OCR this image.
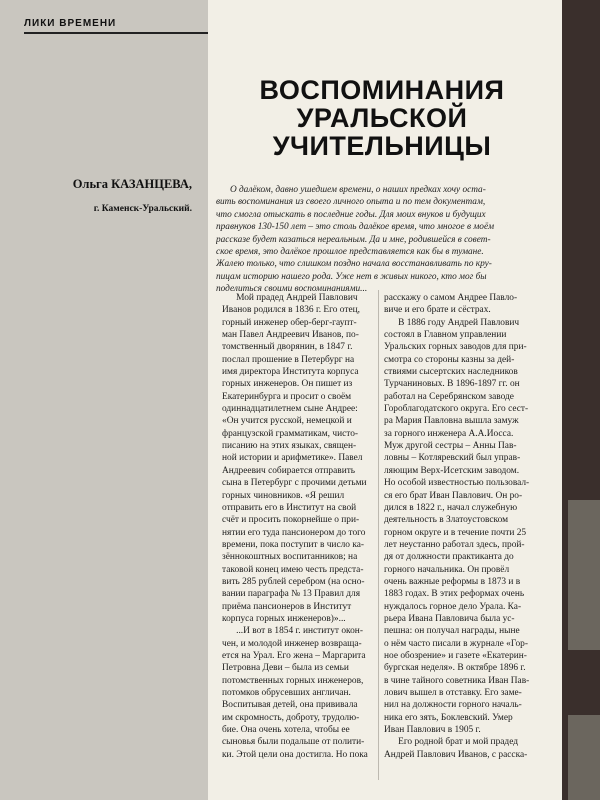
ЛИКИ ВРЕМЕНИ
ВОСПОМИНАНИЯ
УРАЛЬСКОЙ
УЧИТЕЛЬНИЦЫ
Ольга КАЗАНЦЕВА,
г. Каменск-Уральский.
О далёком, давно ушедшем времени, о наших предках хочу оста-
вить воспоминания из своего личного опыта и по тем документам,
что смогла отыскать в последние годы. Для моих внуков и будущих
правнуков 130-150 лет – это столь далёкое время, что многое в моём
рассказе будет казаться нереальным. Да и мне, родившейся в совет-
ское время, это далёкое прошлое представляется как бы в тумане.
Жалею только, что слишком поздно начала восстанавливать по кру-
пицам историю нашего рода. Уже нет в живых никого, кто мог бы
поделиться своими воспоминаниями...
Мой прадед Андрей Павлович
Иванов родился в 1836 г. Его отец,
горный инженер обер-берг-гаупт-
ман Павел Андреевич Иванов, по-
томственный дворянин, в 1847 г.
послал прошение в Петербург на
имя директора Института корпуса
горных инженеров. Он пишет из
Екатеринбурга и просит о своём
одиннадцатилетнем сыне Андрее:
«Он учится русской, немецкой и
французской грамматикам, чисто-
писанию на этих языках, священ-
ной истории и арифметике». Павел
Андреевич собирается отправить
сына в Петербург с прочими детьми
горных чиновников. «Я решил
отправить его в Институт на свой
счёт и просить покорнейше о при-
нятии его туда пансионером до того
времени, пока поступит в число ка-
зённокоштных воспитанников; на
таковой конец имею честь предста-
вить 285 рублей серебром (на осно-
вании параграфа № 13 Правил для
приёма пансионеров в Институт
корпуса горных инженеров)»...
...И вот в 1854 г. институт окон-
чен, и молодой инженер возвраща-
ется на Урал. Его жена – Маргарита
Петровна Деви – была из семьи
потомственных горных инженеров,
потомков обрусевших англичан.
Воспитывая детей, она прививала
им скромность, доброту, трудолю-
бие. Она очень хотела, чтобы ее
сыновья были подальше от полити-
ки. Этой цели она достигла. Но пока
расскажу о самом Андрее Павло-
виче и его брате и сёстрах.
В 1886 году Андрей Павлович
состоял в Главном управлении
Уральских горных заводов для при-
смотра со стороны казны за дей-
ствиями сысертских наследников
Турчаниновых. В 1896-1897 гг. он
работал на Серебрянском заводе
Гороблагодатского округа. Его сест-
ра Мария Павловна вышла замуж
за горного инженера А.А.Иосса.
Муж другой сестры – Анны Пав-
ловны – Котляревский был управ-
ляющим Верх-Исетским заводом.
Но особой известностью пользовал-
ся его брат Иван Павлович. Он ро-
дился в 1822 г., начал служебную
деятельность в Златоустовском
горном округе и в течение почти 25
лет неустанно работал здесь, прой-
дя от должности практиканта до
горного начальника. Он провёл
очень важные реформы в 1873 и в
1883 годах. В этих реформах очень
нуждалось горное дело Урала. Ка-
рьера Ивана Павловича была ус-
пешна: он получал награды, ныне
о нём часто писали в журнале «Гор-
ное обозрение» и газете «Екатерин-
бургская неделя». В октябре 1896 г.
в чине тайного советника Иван Пав-
лович вышел в отставку. Его заме-
нил на должности горного началь-
ника его зять, Боклевский. Умер
Иван Павлович в 1905 г.
Его родной брат и мой прадед
Андрей Павлович Иванов, с расска-
